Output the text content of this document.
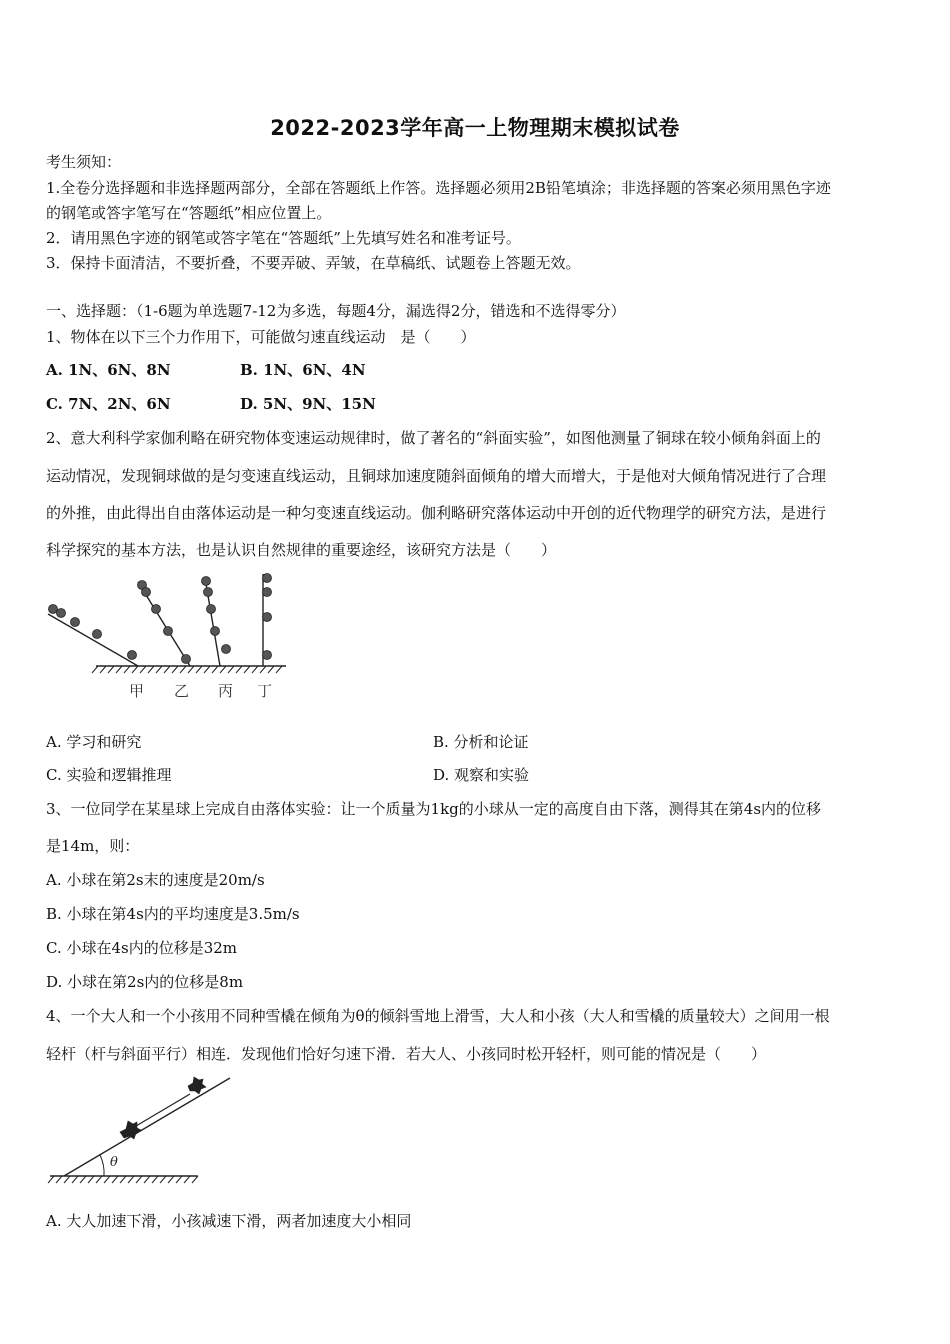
2022-2023学年高一上物理期末模拟试卷
考生须知：
1.全卷分选择题和非选择题两部分，全部在答题纸上作答。选择题必须用2B铅笔填涂；非选择题的答案必须用黑色字迹
的钢笔或答字笔写在“答题纸”相应位置上。
2．请用黑色字迹的钢笔或答字笔在“答题纸”上先填写姓名和准考证号。
3．保持卡面清洁，不要折叠，不要弄破、弄皱，在草稿纸、试题卷上答题无效。
一、选择题：（1-6题为单选题7-12为多选，每题4分，漏选得2分，错选和不选得零分）
1、物体在以下三个力作用下，可能做匀速直线运动　是（　　）
A. 1N、6N、8N	B. 1N、6N、4N
C. 7N、2N、6N	D. 5N、9N、15N
2、意大利科学家伽利略在研究物体变速运动规律时，做了著名的“斜面实验”，如图他测量了铜球在较小倾角斜面上的
运动情况，发现铜球做的是匀变速直线运动，且铜球加速度随斜面倾角的增大而增大，于是他对大倾角情况进行了合理
的外推，由此得出自由落体运动是一种匀变速直线运动。伽利略研究落体运动中开创的近代物理学的研究方法，是进行
科学探究的基本方法，也是认识自然规律的重要途经，该研究方法是（　　）
甲 乙 丙 丁
A. 学习和研究	B. 分析和论证
C. 实验和逻辑推理	D. 观察和实验
3、一位同学在某星球上完成自由落体实验：让一个质量为1kg的小球从一定的高度自由下落，测得其在第4s内的位移
是14m，则：
A. 小球在第2s末的速度是20m/s
B. 小球在第4s内的平均速度是3.5m/s
C. 小球在4s内的位移是32m
D. 小球在第2s内的位移是8m
4、一个大人和一个小孩用不同种雪橇在倾角为θ的倾斜雪地上滑雪，大人和小孩（大人和雪橇的质量较大）之间用一根
轻杆（杆与斜面平行）相连．发现他们恰好匀速下滑．若大人、小孩同时松开轻杆，则可能的情况是（　　）
θ
A. 大人加速下滑，小孩减速下滑，两者加速度大小相同
